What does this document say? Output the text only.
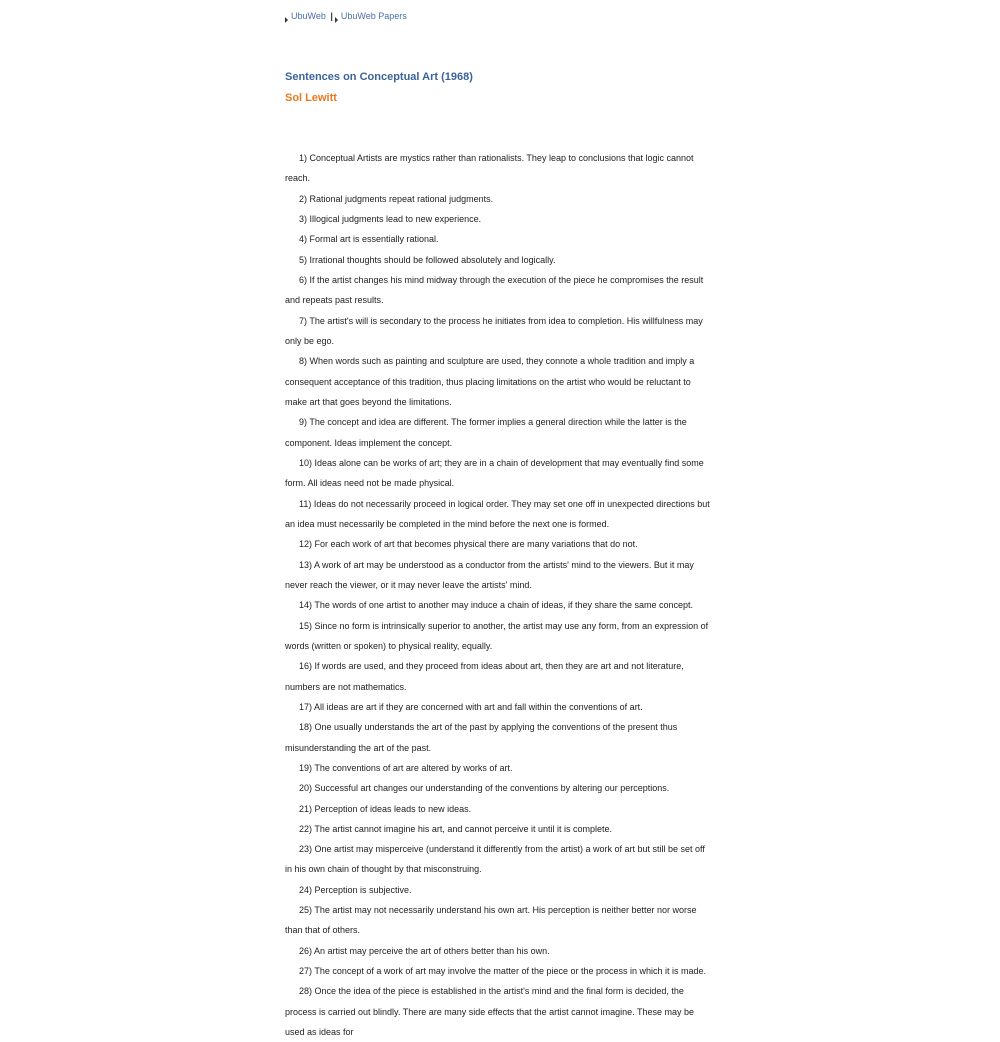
UbuWeb | UbuWeb Papers
Sentences on Conceptual Art (1968)
Sol Lewitt

1) Conceptual Artists are mystics rather than rationalists. They leap to conclusions that logic cannot reach.

2) Rational judgments repeat rational judgments.

3) Illogical judgments lead to new experience.

4) Formal art is essentially rational.

5) Irrational thoughts should be followed absolutely and logically.

6) If the artist changes his mind midway through the execution of the piece he compromises the result and repeats past results.

7) The artist's will is secondary to the process he initiates from idea to completion. His willfulness may only be ego.

8) When words such as painting and sculpture are used, they connote a whole tradition and imply a consequent acceptance of this tradition, thus placing limitations on the artist who would be reluctant to make art that goes beyond the limitations.

9) The concept and idea are different. The former implies a general direction while the latter is the component. Ideas implement the concept.

10) Ideas alone can be works of art; they are in a chain of development that may eventually find some form. All ideas need not be made physical.

11) Ideas do not necessarily proceed in logical order. They may set one off in unexpected directions but an idea must necessarily be completed in the mind before the next one is formed.

12) For each work of art that becomes physical there are many variations that do not.

13) A work of art may be understood as a conductor from the artists' mind to the viewers. But it may never reach the viewer, or it may never leave the artists' mind.

14) The words of one artist to another may induce a chain of ideas, if they share the same concept.

15) Since no form is intrinsically superior to another, the artist may use any form, from an expression of words (written or spoken) to physical reality, equally.

16) If words are used, and they proceed from ideas about art, then they are art and not literature, numbers are not mathematics.

17) All ideas are art if they are concerned with art and fall within the conventions of art.

18) One usually understands the art of the past by applying the conventions of the present thus misunderstanding the art of the past.

19) The conventions of art are altered by works of art.

20) Successful art changes our understanding of the conventions by altering our perceptions.

21) Perception of ideas leads to new ideas.

22) The artist cannot imagine his art, and cannot perceive it until it is complete.

23) One artist may misperceive (understand it differently from the artist) a work of art but still be set off in his own chain of thought by that misconstruing.

24) Perception is subjective.

25) The artist may not necessarily understand his own art. His perception is neither better nor worse than that of others.

26) An artist may perceive the art of others better than his own.

27) The concept of a work of art may involve the matter of the piece or the process in which it is made.

28) Once the idea of the piece is established in the artist's mind and the final form is decided, the process is carried out blindly. There are many side effects that the artist cannot imagine. These may be used as ideas for
